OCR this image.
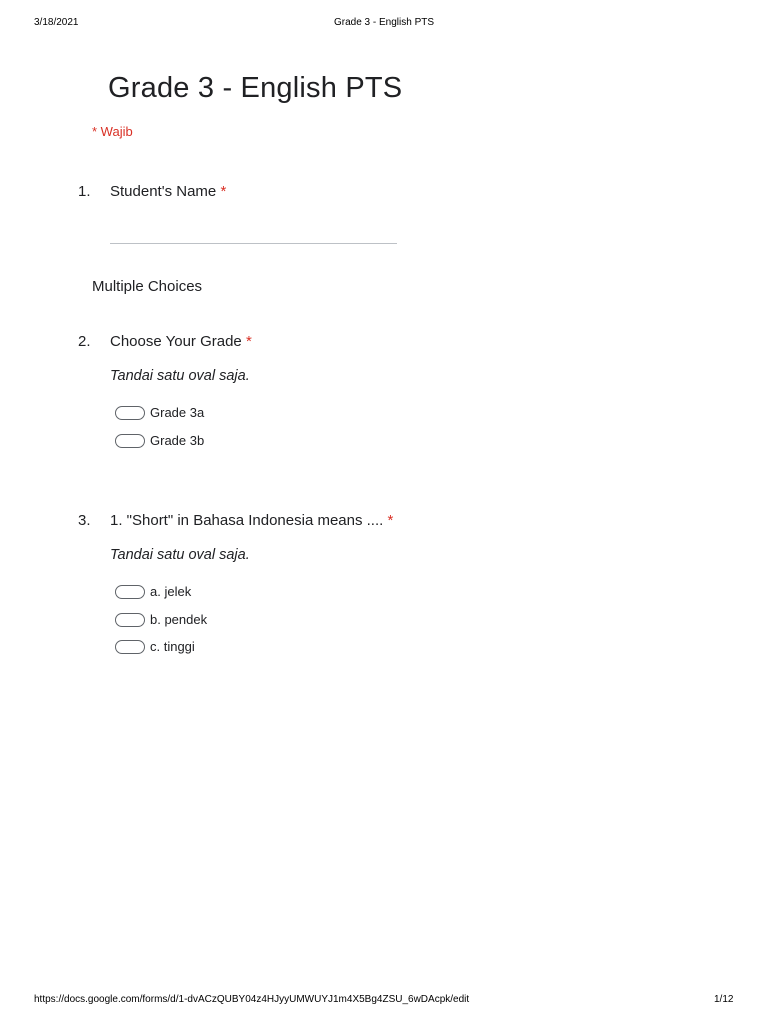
3/18/2021	Grade 3 - English PTS
Grade 3 - English PTS
* Wajib
1. Student's Name *
Multiple Choices
2. Choose Your Grade *
Tandai satu oval saja.
Grade 3a
Grade 3b
3. 1. "Short" in Bahasa Indonesia means .... *
Tandai satu oval saja.
a. jelek
b. pendek
c. tinggi
https://docs.google.com/forms/d/1-dvACzQUBY04z4HJyyUMWUYJ1m4X5Bg4ZSU_6wDAcpk/edit	1/12
